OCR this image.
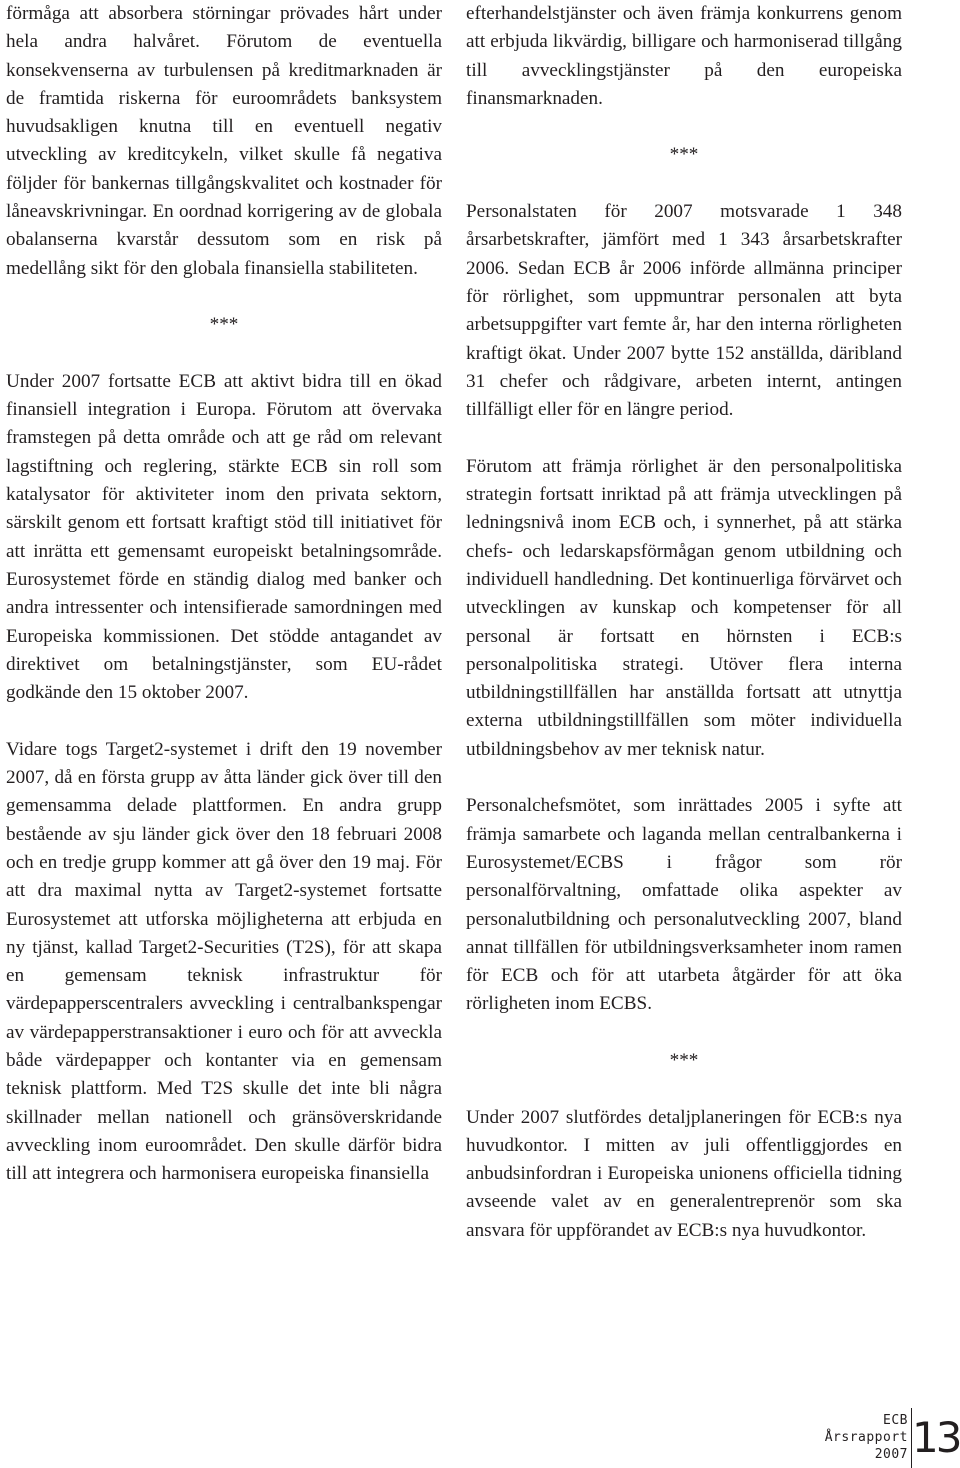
förmåga att absorbera störningar prövades hårt under hela andra halvåret. Förutom de eventuella konsekvenserna av turbulensen på kreditmarknaden är de framtida riskerna för euroområdets banksystem huvudsakligen knutna till en eventuell negativ utveckling av kreditcykeln, vilket skulle få negativa följder för bankernas tillgångskvalitet och kostnader för låneavskrivningar. En oordnad korrigering av de globala obalanserna kvarstår dessutom som en risk på medellång sikt för den globala finansiella stabiliteten.

***

Under 2007 fortsatte ECB att aktivt bidra till en ökad finansiell integration i Europa. Förutom att övervaka framstegen på detta område och att ge råd om relevant lagstiftning och reglering, stärkte ECB sin roll som katalysator för aktiviteter inom den privata sektorn, särskilt genom ett fortsatt kraftigt stöd till initiativet för att inrätta ett gemensamt europeiskt betalningsområde. Eurosystemet förde en ständig dialog med banker och andra intressenter och intensifierade samordningen med Europeiska kommissionen. Det stödde antagandet av direktivet om betalningstjänster, som EU-rådet godkände den 15 oktober 2007.

Vidare togs Target2-systemet i drift den 19 november 2007, då en första grupp av åtta länder gick över till den gemensamma delade plattformen. En andra grupp bestående av sju länder gick över den 18 februari 2008 och en tredje grupp kommer att gå över den 19 maj. För att dra maximal nytta av Target2-systemet fortsatte Eurosystemet att utforska möjligheterna att erbjuda en ny tjänst, kallad Target2-Securities (T2S), för att skapa en gemensam teknisk infrastruktur för värdepapperscentralers avveckling i centralbankspengar av värdepapperstransaktioner i euro och för att avveckla både värdepapper och kontanter via en gemensam teknisk plattform. Med T2S skulle det inte bli några skillnader mellan nationell och gränsöverskridande avveckling inom euroområdet. Den skulle därför bidra till att integrera och harmonisera europeiska finansiella

efterhandelstjänster och även främja konkurrens genom att erbjuda likvärdig, billigare och harmoniserad tillgång till avvecklingstjänster på den europeiska finansmarknaden.

***

Personalstaten för 2007 motsvarade 1 348 årsarbetskrafter, jämfört med 1 343 årsarbetskrafter 2006. Sedan ECB år 2006 införde allmänna principer för rörlighet, som uppmuntrar personalen att byta arbetsuppgifter vart femte år, har den interna rörligheten kraftigt ökat. Under 2007 bytte 152 anställda, däribland 31 chefer och rådgivare, arbeten internt, antingen tillfälligt eller för en längre period.

Förutom att främja rörlighet är den personalpolitiska strategin fortsatt inriktad på att främja utvecklingen på ledningsnivå inom ECB och, i synnerhet, på att stärka chefs- och ledarskapsförmågan genom utbildning och individuell handledning. Det kontinuerliga förvärvet och utvecklingen av kunskap och kompetenser för all personal är fortsatt en hörnsten i ECB:s personalpolitiska strategi. Utöver flera interna utbildningstillfällen har anställda fortsatt att utnyttja externa utbildningstillfällen som möter individuella utbildningsbehov av mer teknisk natur.

Personalchefsmötet, som inrättades 2005 i syfte att främja samarbete och laganda mellan centralbankerna i Eurosystemet/ECBS i frågor som rör personalförvaltning, omfattade olika aspekter av personalutbildning och personalutveckling 2007, bland annat tillfällen för utbildningsverksamheter inom ramen för ECB och för att utarbeta åtgärder för att öka rörligheten inom ECBS.

***

Under 2007 slutfördes detaljplaneringen för ECB:s nya huvudkontor. I mitten av juli offentliggjordes en anbudsinfordran i Europeiska unionens officiella tidning avseende valet av en generalentreprenör som ska ansvara för uppförandet av ECB:s nya huvudkontor.

ECB
Årsrapport
2007 13
